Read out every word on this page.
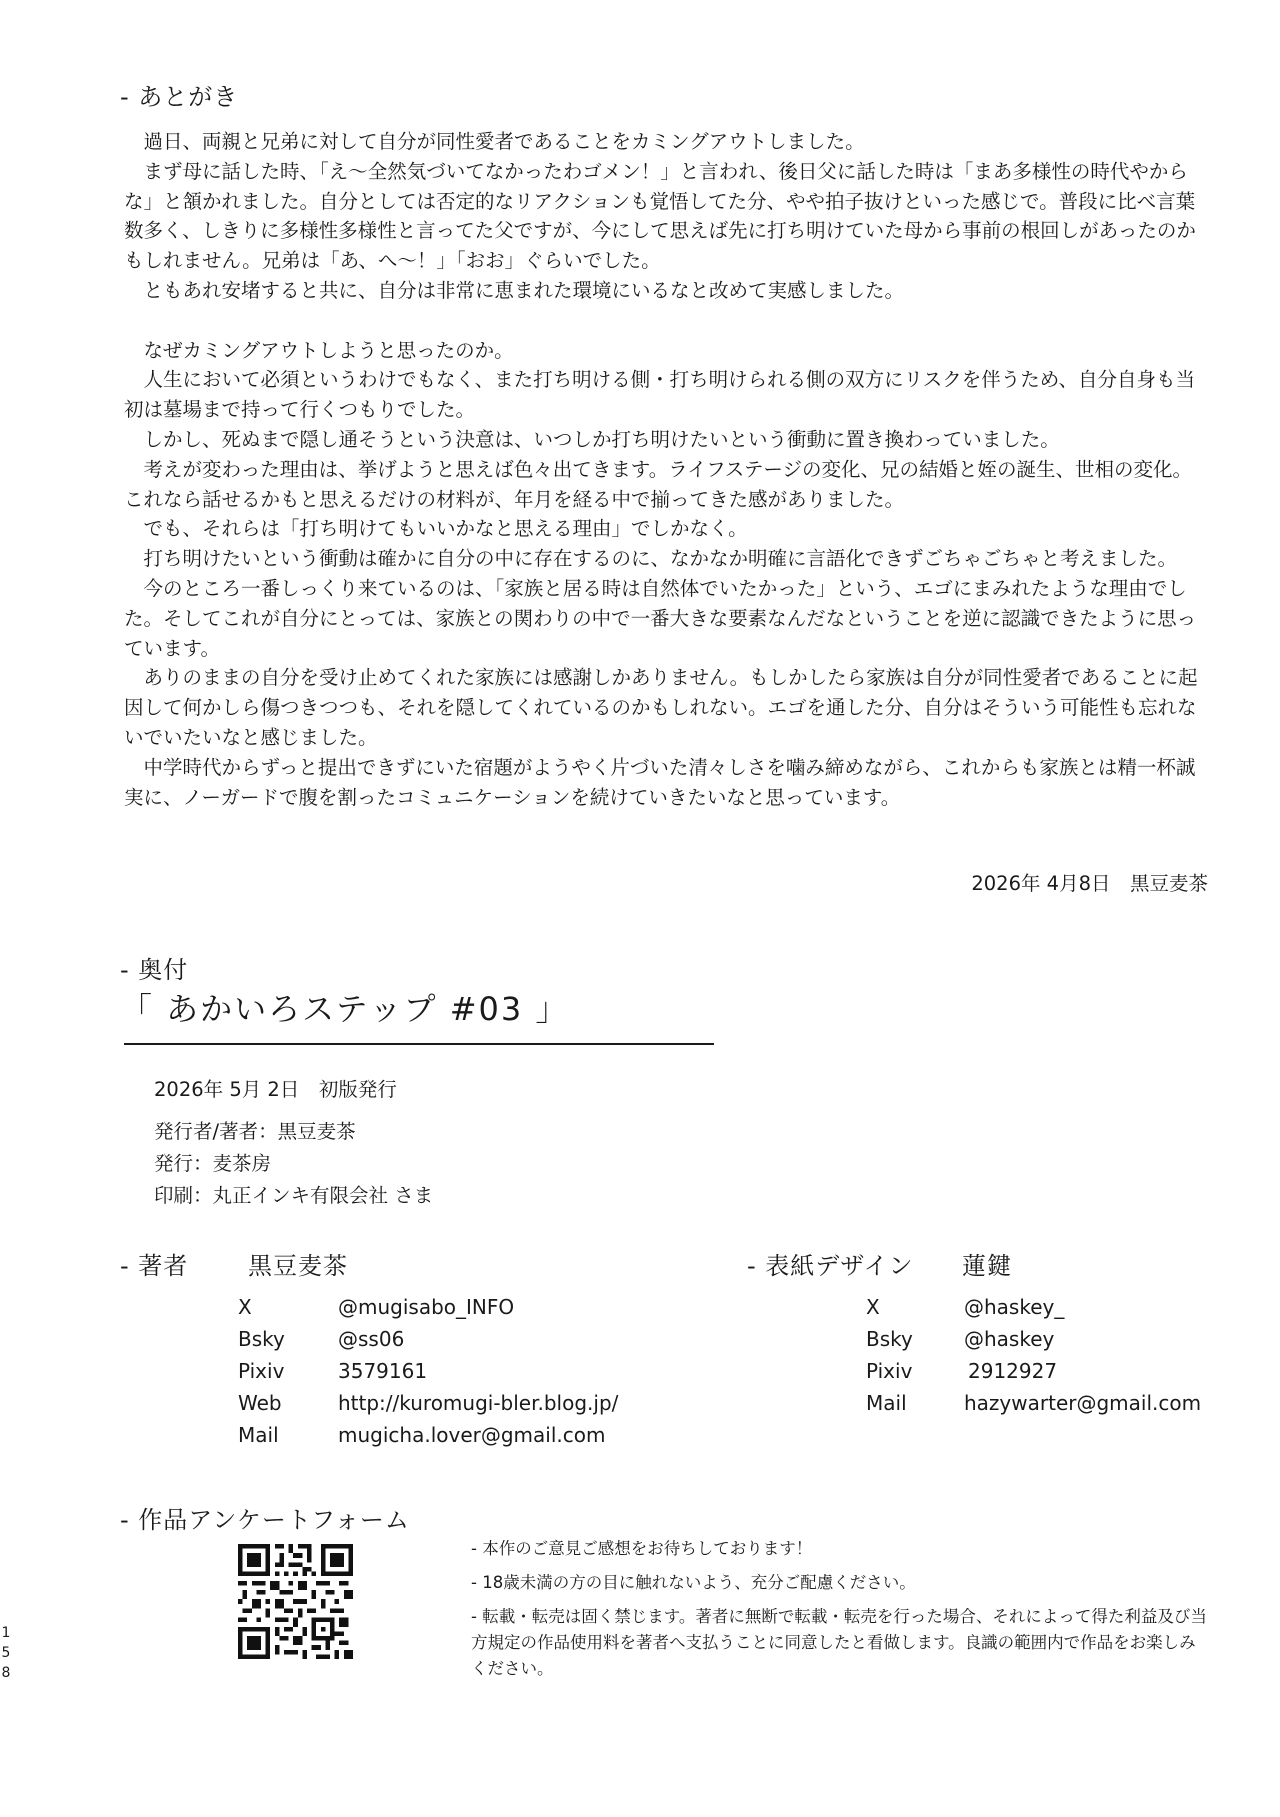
- あとがき

　過日、両親と兄弟に対して自分が同性愛者であることをカミングアウトしました。

　まず母に話した時、「え〜全然気づいてなかったわゴメン！」と言われ、後日父に話した時は「まあ多様性の時代やからな」と頷かれました。自分としては否定的なリアクションも覚悟してた分、やや拍子抜けといった感じで。普段に比べ言葉数多く、しきりに多様性多様性と言ってた父ですが、今にして思えば先に打ち明けていた母から事前の根回しがあったのかもしれません。兄弟は「あ、へ〜！」「おお」ぐらいでした。

　ともあれ安堵すると共に、自分は非常に恵まれた環境にいるなと改めて実感しました。

　なぜカミングアウトしようと思ったのか。

　人生において必須というわけでもなく、また打ち明ける側・打ち明けられる側の双方にリスクを伴うため、自分自身も当初は墓場まで持って行くつもりでした。

　しかし、死ぬまで隠し通そうという決意は、いつしか打ち明けたいという衝動に置き換わっていました。

　考えが変わった理由は、挙げようと思えば色々出てきます。ライフステージの変化、兄の結婚と姪の誕生、世相の変化。これなら話せるかもと思えるだけの材料が、年月を経る中で揃ってきた感がありました。

　でも、それらは「打ち明けてもいいかなと思える理由」でしかなく。

　打ち明けたいという衝動は確かに自分の中に存在するのに、なかなか明確に言語化できずごちゃごちゃと考えました。

　今のところ一番しっくり来ているのは、「家族と居る時は自然体でいたかった」という、エゴにまみれたような理由でした。そしてこれが自分にとっては、家族との関わりの中で一番大きな要素なんだなということを逆に認識できたように思っています。

　ありのままの自分を受け止めてくれた家族には感謝しかありません。もしかしたら家族は自分が同性愛者であることに起因して何かしら傷つきつつも、それを隠してくれているのかもしれない。エゴを通した分、自分はそういう可能性も忘れないでいたいなと感じました。

　中学時代からずっと提出できずにいた宿題がようやく片づいた清々しさを噛み締めながら、これからも家族とは精一杯誠実に、ノーガードで腹を割ったコミュニケーションを続けていきたいなと思っています。

2026年 4月8日　黒豆麦茶
- 奥付
「 あかいろステップ #03 」
2026年 5月 2日　初版発行
発行者/著者：黒豆麦茶
発行：麦茶房
印刷：丸正インキ有限会社 さま
- 著者 黒豆麦茶
X	@mugisabo_INFO
Bsky	@ss06
Pixiv	3579161
Web	http://kuromugi-bler.blog.jp/
Mail	mugicha.lover@gmail.com
- 表紙デザイン 蓮鍵
X	@haskey_
Bsky	@haskey
Pixiv	2912927
Mail	hazywarter@gmail.com
- 作品アンケートフォーム

- 本作のご意見ご感想をお待ちしております！

- 18歳未満の方の目に触れないよう、充分ご配慮ください。

- 転載・転売は固く禁じます。著者に無断で転載・転売を行った場合、それによって得た利益及び当方規定の作品使用料を著者へ支払うことに同意したと看做します。良識の範囲内で作品をお楽しみください。

1
5
8
